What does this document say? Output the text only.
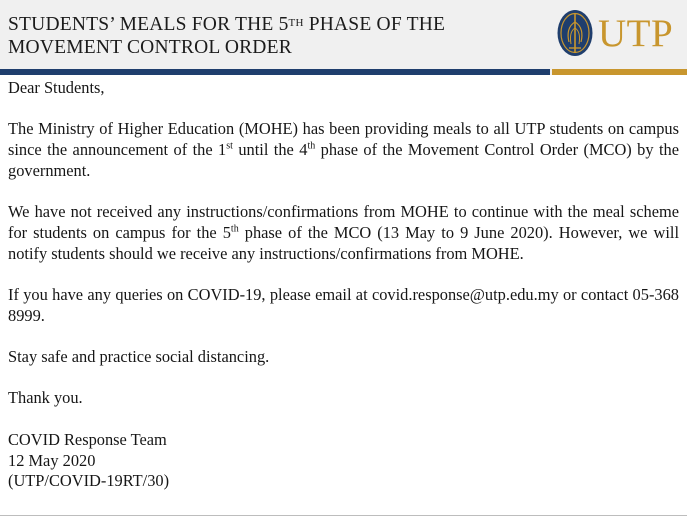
STUDENTS’ MEALS FOR THE 5TH PHASE OF THE
MOVEMENT CONTROL ORDER	UTP

Dear Students,

The Ministry of Higher Education (MOHE) has been providing meals to all UTP students on campus since the announcement of the 1st until the 4th phase of the Movement Control Order (MCO) by the government.

We have not received any instructions/confirmations from MOHE to continue with the meal scheme for students on campus for the 5th phase of the MCO (13 May to 9 June 2020). However, we will notify students should we receive any instructions/confirmations from MOHE.

If you have any queries on COVID-19, please email at covid.response@utp.edu.my or contact 05-368 8999.

Stay safe and practice social distancing.

Thank you.

COVID Response Team

12 May 2020

(UTP/COVID-19RT/30)
